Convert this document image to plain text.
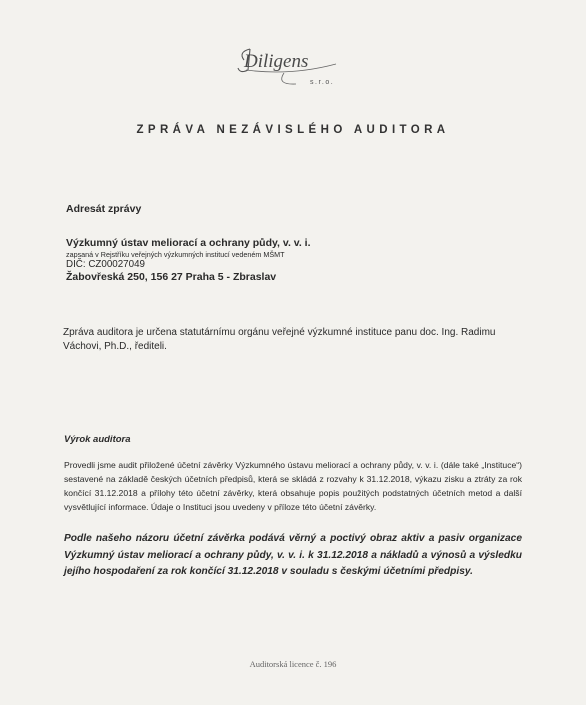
Diligens
s.r.o.
ZPRÁVA NEZÁVISLÉHO AUDITORA
Adresát zprávy
Výzkumný ústav meliorací a ochrany půdy, v. v. i.
zapsaná v Rejstříku veřejných výzkumných institucí vedeném MŠMT
DIČ: CZ00027049
Žabovřeská 250, 156 27 Praha 5 - Zbraslav
Zpráva auditora je určena statutárnímu orgánu veřejné výzkumné instituce panu doc. Ing. Radimu Váchovi, Ph.D., řediteli.
Výrok auditora
Provedli jsme audit přiložené účetní závěrky Výzkumného ústavu meliorací a ochrany půdy, v. v. i. (dále také „Instituce“) sestavené na základě českých účetních předpisů, která se skládá z rozvahy k 31.12.2018, výkazu zisku a ztráty za rok končící 31.12.2018 a přílohy této účetní závěrky, která obsahuje popis použitých podstatných účetních metod a další vysvětlující informace. Údaje o Instituci jsou uvedeny v příloze této účetní závěrky.
Podle našeho názoru účetní závěrka podává věrný a poctivý obraz aktiv a pasiv organizace Výzkumný ústav meliorací a ochrany půdy, v. v. i. k 31.12.2018 a nákladů a výnosů a výsledku jejího hospodaření za rok končící 31.12.2018 v souladu s českými účetními předpisy.
Auditorská licence č. 196
